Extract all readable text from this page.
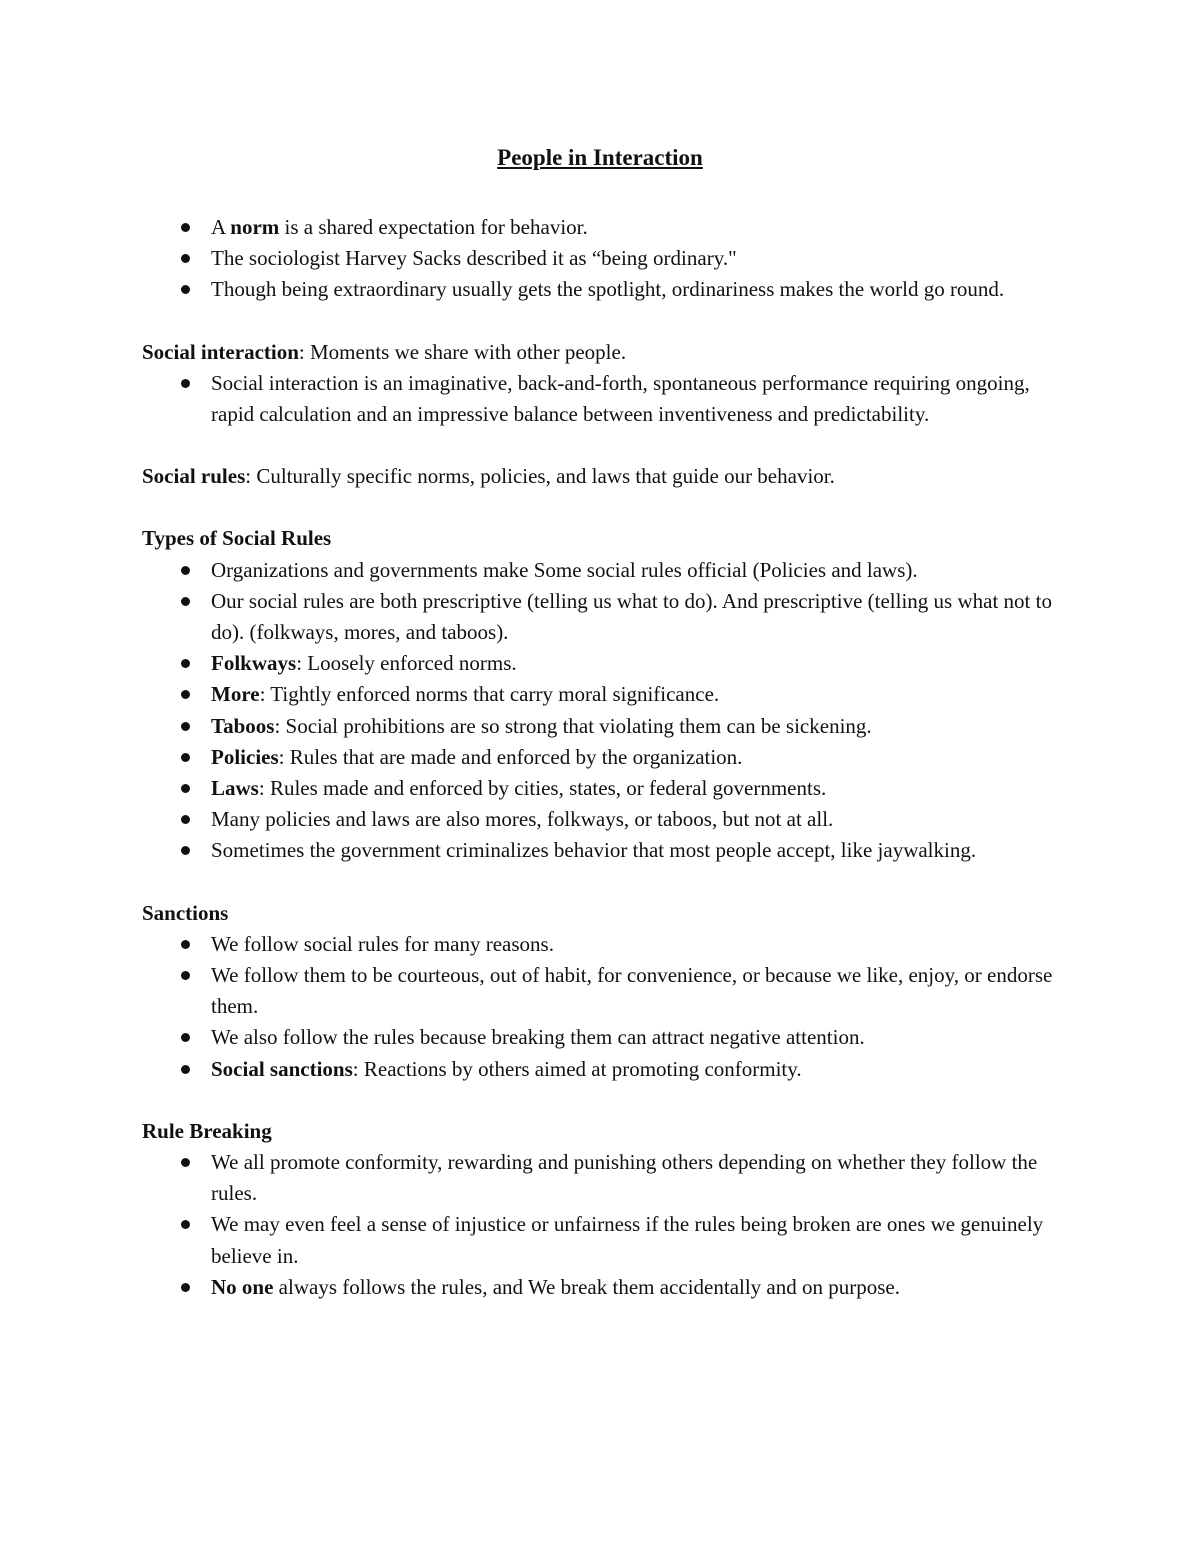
People in Interaction
A norm is a shared expectation for behavior.
The sociologist Harvey Sacks described it as “being ordinary."
Though being extraordinary usually gets the spotlight, ordinariness makes the world go round.

Social interaction: Moments we share with other people.

Social interaction is an imaginative, back-and-forth, spontaneous performance requiring ongoing, rapid calculation and an impressive balance between inventiveness and predictability.

Social rules: Culturally specific norms, policies, and laws that guide our behavior.

Types of Social Rules

Organizations and governments make Some social rules official (Policies and laws).
Our social rules are both prescriptive (telling us what to do). And prescriptive (telling us what not to do). (folkways, mores, and taboos).
Folkways: Loosely enforced norms.
More: Tightly enforced norms that carry moral significance.
Taboos: Social prohibitions are so strong that violating them can be sickening.
Policies: Rules that are made and enforced by the organization.
Laws: Rules made and enforced by cities, states, or federal governments.
Many policies and laws are also mores, folkways, or taboos, but not at all.
Sometimes the government criminalizes behavior that most people accept, like jaywalking.

Sanctions

We follow social rules for many reasons.
We follow them to be courteous, out of habit, for convenience, or because we like, enjoy, or endorse them.
We also follow the rules because breaking them can attract negative attention.
Social sanctions: Reactions by others aimed at promoting conformity.

Rule Breaking

We all promote conformity, rewarding and punishing others depending on whether they follow the rules.
We may even feel a sense of injustice or unfairness if the rules being broken are ones we genuinely believe in.
No one always follows the rules, and We break them accidentally and on purpose.
